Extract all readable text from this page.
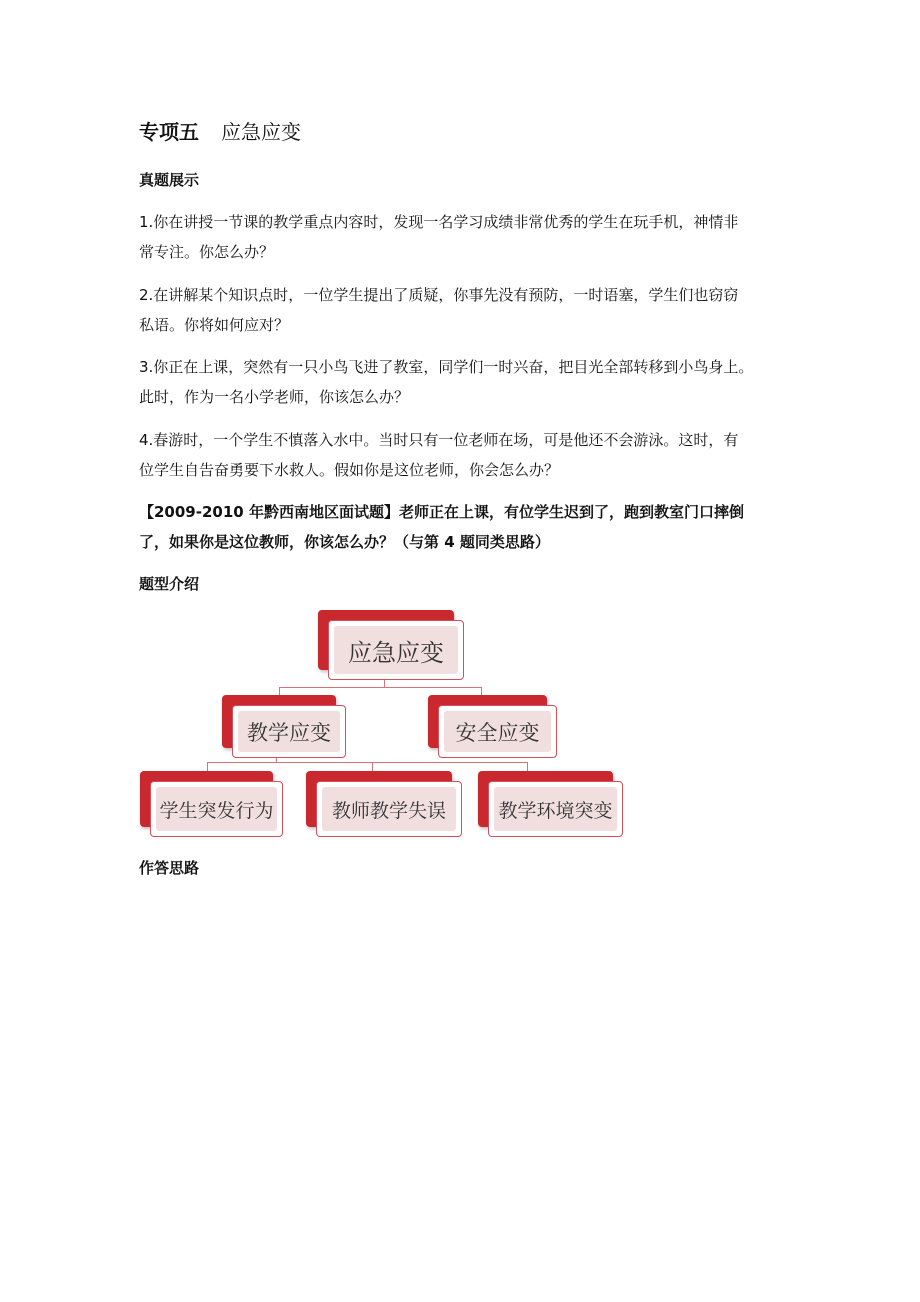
专项五 应急应变
真题展示
1.你在讲授一节课的教学重点内容时，发现一名学习成绩非常优秀的学生在玩手机，神情非
常专注。你怎么办？
2.在讲解某个知识点时，一位学生提出了质疑，你事先没有预防，一时语塞，学生们也窃窃
私语。你将如何应对？
3.你正在上课，突然有一只小鸟飞进了教室，同学们一时兴奋，把目光全部转移到小鸟身上。
此时，作为一名小学老师，你该怎么办？
4.春游时，一个学生不慎落入水中。当时只有一位老师在场，可是他还不会游泳。这时，有
位学生自告奋勇要下水救人。假如你是这位老师，你会怎么办？
【2009-2010 年黔西南地区面试题】老师正在上课，有位学生迟到了，跑到教室门口摔倒
了，如果你是这位教师，你该怎么办？（与第 4 题同类思路）
题型介绍
应急应变
教学应变	安全应变
学生突发行为	教师教学失误	教学环境突变
作答思路
